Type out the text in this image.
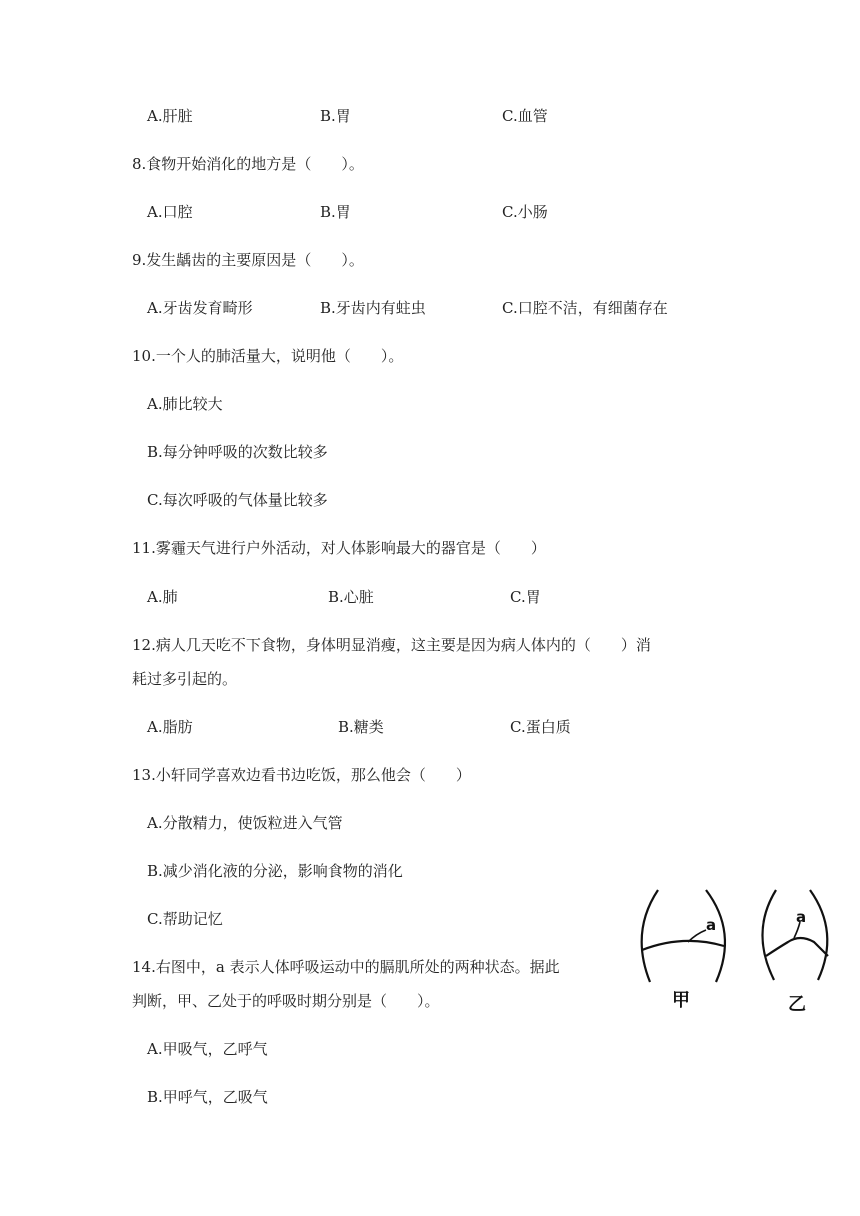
A.肝脏	B.胃	C.血管
8.食物开始消化的地方是（　　）。
A.口腔	B.胃	C.小肠
9.发生龋齿的主要原因是（　　）。
A.牙齿发育畸形	B.牙齿内有蛀虫	C.口腔不洁，有细菌存在
10.一个人的肺活量大，说明他（　　）。
A.肺比较大
B.每分钟呼吸的次数比较多
C.每次呼吸的气体量比较多
11.雾霾天气进行户外活动，对人体影响最大的器官是（　　）
A.肺	B.心脏	C.胃
12.病人几天吃不下食物，身体明显消瘦，这主要是因为病人体内的（　　）消
耗过多引起的。
A.脂肪	B.糖类	C.蛋白质
13.小轩同学喜欢边看书边吃饭，那么他会（　　）
A.分散精力，使饭粒进入气管
B.减少消化液的分泌，影响食物的消化
C.帮助记忆
14.右图中，a 表示人体呼吸运动中的膈肌所处的两种状态。据此
判断，甲、乙处于的呼吸时期分别是（　　）。
A.甲吸气，乙呼气
B.甲呼气，乙吸气
a
甲
a
乙
